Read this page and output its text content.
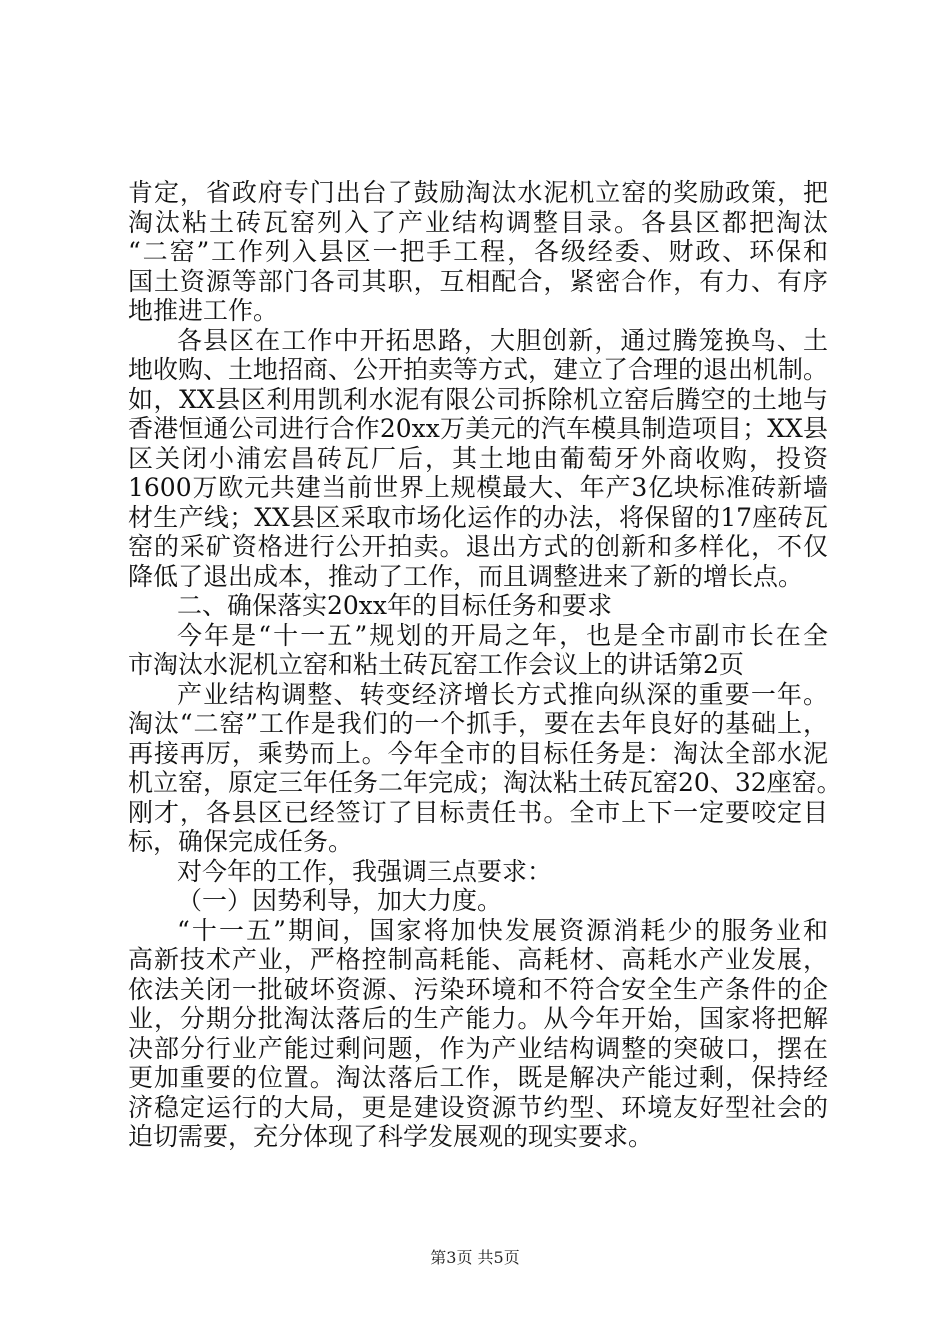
肯定，省政府专门出台了鼓励淘汰水泥机立窑的奖励政策，把
淘汰粘土砖瓦窑列入了产业结构调整目录。各县区都把淘汰
“二窑”工作列入县区一把手工程，各级经委、财政、环保和
国土资源等部门各司其职，互相配合，紧密合作，有力、有序
地推进工作。
各县区在工作中开拓思路，大胆创新，通过腾笼换鸟、土
地收购、土地招商、公开拍卖等方式，建立了合理的退出机制。
如，XX县区利用凯利水泥有限公司拆除机立窑后腾空的土地与
香港恒通公司进行合作20xx万美元的汽车模具制造项目；XX县
区关闭小浦宏昌砖瓦厂后，其土地由葡萄牙外商收购，投资
1600万欧元共建当前世界上规模最大、年产3亿块标准砖新墙
材生产线；XX县区采取市场化运作的办法，将保留的17座砖瓦
窑的采矿资格进行公开拍卖。退出方式的创新和多样化，不仅
降低了退出成本，推动了工作，而且调整进来了新的增长点。
二、确保落实20xx年的目标任务和要求
今年是“十一五”规划的开局之年，也是全市副市长在全
市淘汰水泥机立窑和粘土砖瓦窑工作会议上的讲话第2页
产业结构调整、转变经济增长方式推向纵深的重要一年。
淘汰“二窑”工作是我们的一个抓手，要在去年良好的基础上，
再接再厉，乘势而上。今年全市的目标任务是：淘汰全部水泥
机立窑，原定三年任务二年完成；淘汰粘土砖瓦窑20、32座窑。
刚才，各县区已经签订了目标责任书。全市上下一定要咬定目
标，确保完成任务。
对今年的工作，我强调三点要求：
（一）因势利导，加大力度。
“十一五”期间，国家将加快发展资源消耗少的服务业和
高新技术产业，严格控制高耗能、高耗材、高耗水产业发展，
依法关闭一批破坏资源、污染环境和不符合安全生产条件的企
业，分期分批淘汰落后的生产能力。从今年开始，国家将把解
决部分行业产能过剩问题，作为产业结构调整的突破口，摆在
更加重要的位置。淘汰落后工作，既是解决产能过剩，保持经
济稳定运行的大局，更是建设资源节约型、环境友好型社会的
迫切需要，充分体现了科学发展观的现实要求。
第3页 共5页
